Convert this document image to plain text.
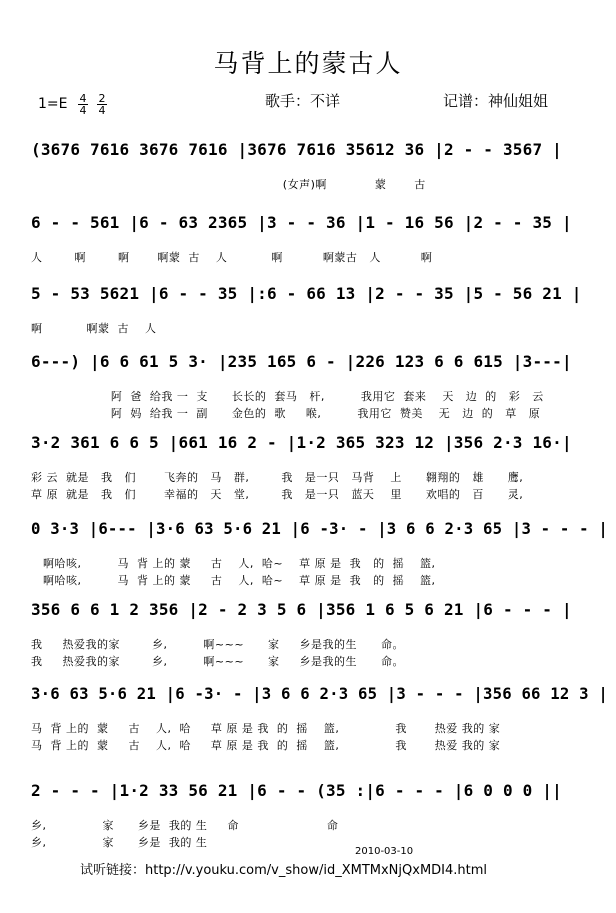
马背上的蒙古人
歌手：不详	记谱：神仙姐姐
$1=E \frac{4}{4} \frac{2}{4}$
(3676 7616 3676 7616 |3676 7616 35612 36 |2 - - 3567 |
(女声)啊            蒙       古
6 - - 561 |6 - 63 2365 |3 - - 36 |1 - 16 56 |2 - - 35 |
人        啊        啊       啊蒙  古    人           啊          啊蒙古   人          啊
5 - 53 5621 |6 - - 35 |:6 - 66 13 |2 - - 35 |5 - 56 21 |
啊           啊蒙  古    人
6---) |6 6 61 5 3· |235 165 6 - |226 123 6 6 615 |3---|
阿  爸  给我 一  支      长长的  套马   杆,         我用它  套来    天   边  的   彩   云
阿  妈  给我 一  副      金色的  歌     喉,         我用它  赞美    无   边  的   草   原
3·2 361 6 6 5 |661 16 2 - |1·2 365 323 12 |356 2·3 16·|
彩 云  就是   我   们       飞奔的   马   群,        我   是一只   马背    上      翱翔的   雄      鹰,
草 原  就是   我   们       幸福的   天   堂,        我   是一只   蓝天    里      欢唱的   百      灵,
0 3·3 |6--- |3·6 63 5·6 21 |6 -3· - |3 6 6 2·3 65 |3 - - - |
啊哈咳,         马  背 上的 蒙     古    人,  哈~    草 原 是  我   的  摇    篮,
啊哈咳,         马  背 上的 蒙     古    人,  哈~    草 原 是  我   的  摇    篮,
356 6 6 1 2 356 |2 - 2 3 5 6 |356 1 6 5 6 21 |6 - - - |
我     热爱我的家        乡,         啊~~~      家     乡是我的生      命。
我     热爱我的家        乡,         啊~~~      家     乡是我的生      命。
3·6 63 5·6 21 |6 -3· - |3 6 6 2·3 65 |3 - - - |356 66 12 3 |
马  背 上的  蒙     古    人,  哈     草 原 是 我  的  摇    篮,              我       热爱 我的 家
马  背 上的  蒙     古    人,  哈     草 原 是 我  的  摇    篮,              我       热爱 我的 家
2 - - - |1·2 33 56 21 |6 - - (35 :|6 - - - |6 0 0 0 ||
乡,              家      乡是  我的 生     命                      命
乡,              家      乡是  我的 生
2010-03-10
试听链接：http://v.youku.com/v_show/id_XMTMxNjQxMDI4.html
